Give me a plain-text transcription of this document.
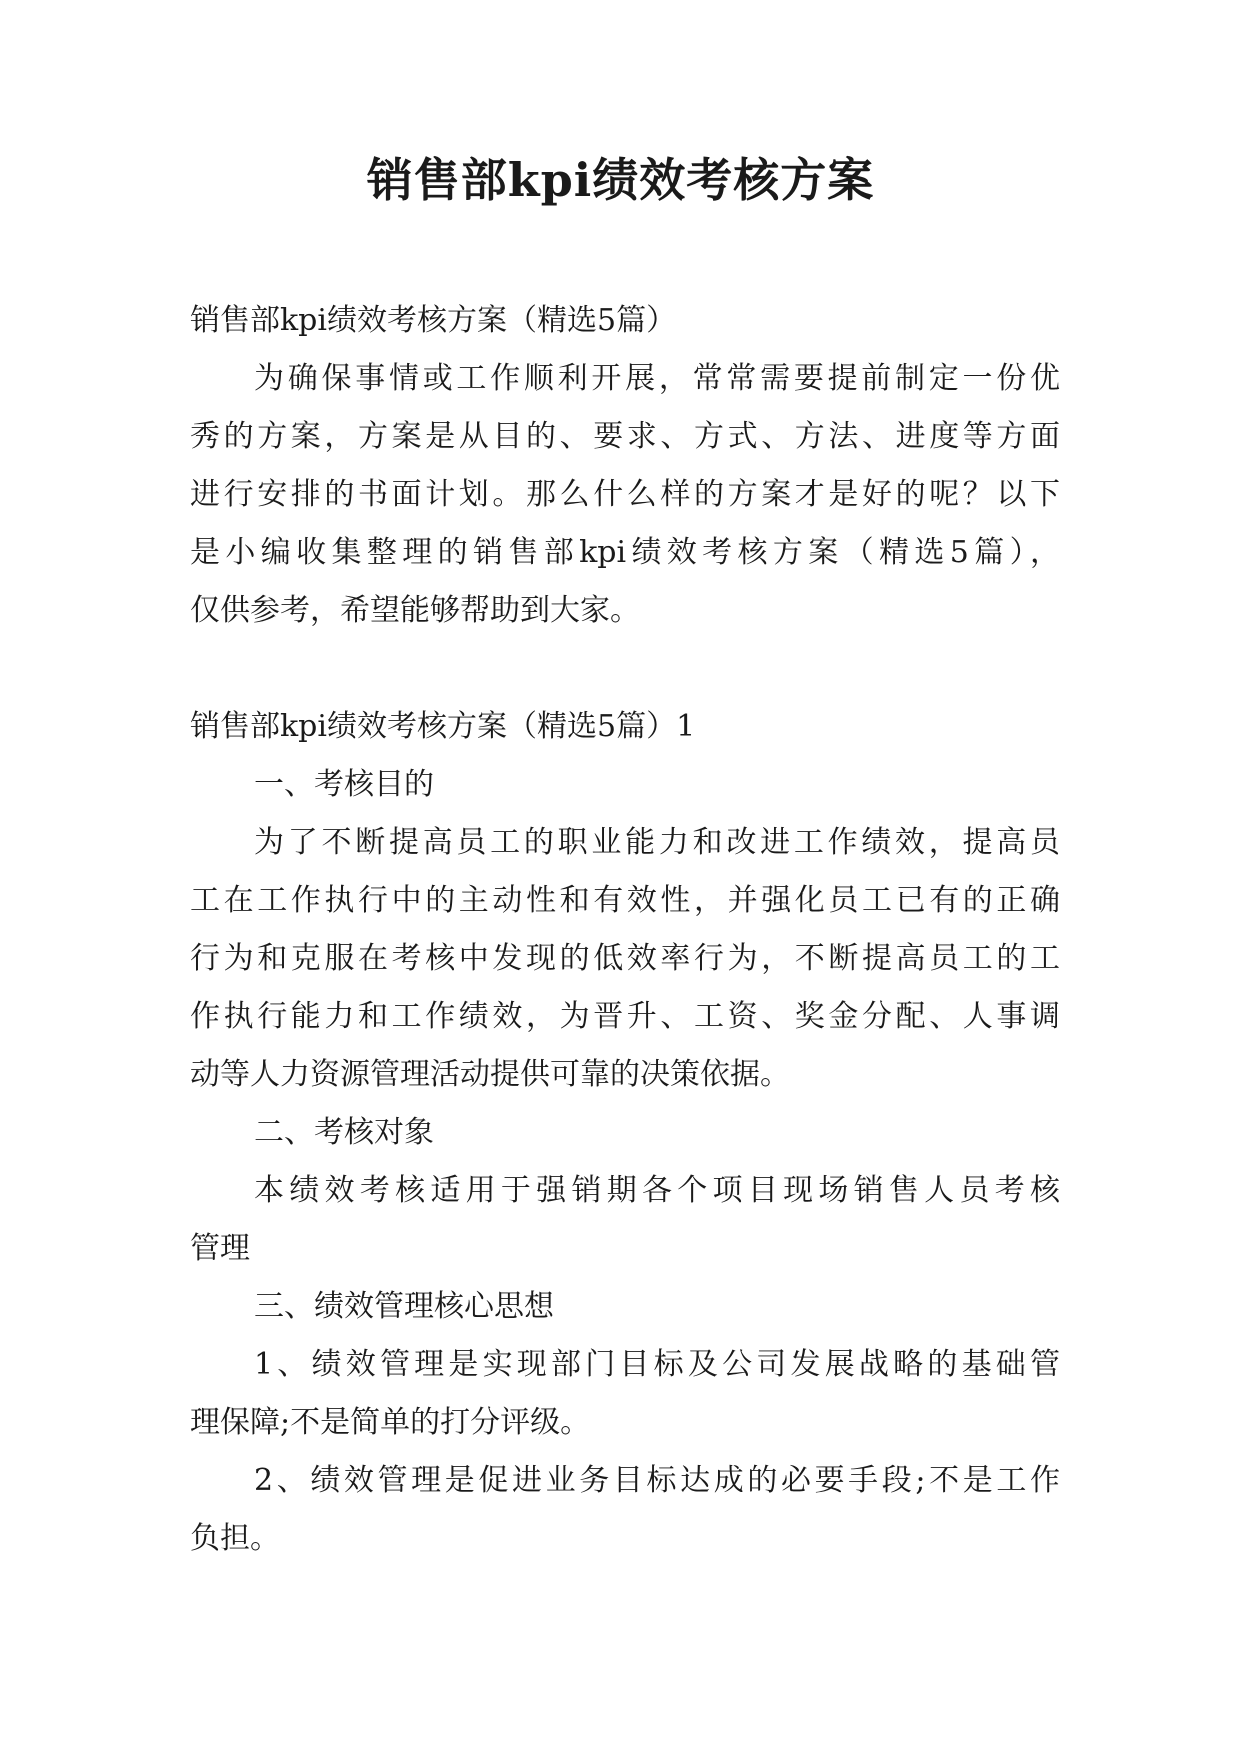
销售部kpi绩效考核方案
销售部kpi绩效考核方案（精选5篇）
为确保事情或工作顺利开展，常常需要提前制定一份优
秀的方案，方案是从目的、要求、方式、方法、进度等方面
进行安排的书面计划。那么什么样的方案才是好的呢？以下
是小编收集整理的销售部kpi绩效考核方案（精选5篇），
仅供参考，希望能够帮助到大家。
销售部kpi绩效考核方案（精选5篇）1
一、考核目的
为了不断提高员工的职业能力和改进工作绩效，提高员
工在工作执行中的主动性和有效性，并强化员工已有的正确
行为和克服在考核中发现的低效率行为，不断提高员工的工
作执行能力和工作绩效，为晋升、工资、奖金分配、人事调
动等人力资源管理活动提供可靠的决策依据。
二、考核对象
本绩效考核适用于强销期各个项目现场销售人员考核
管理
三、绩效管理核心思想
1、绩效管理是实现部门目标及公司发展战略的基础管
理保障;不是简单的打分评级。
2、绩效管理是促进业务目标达成的必要手段;不是工作
负担。
